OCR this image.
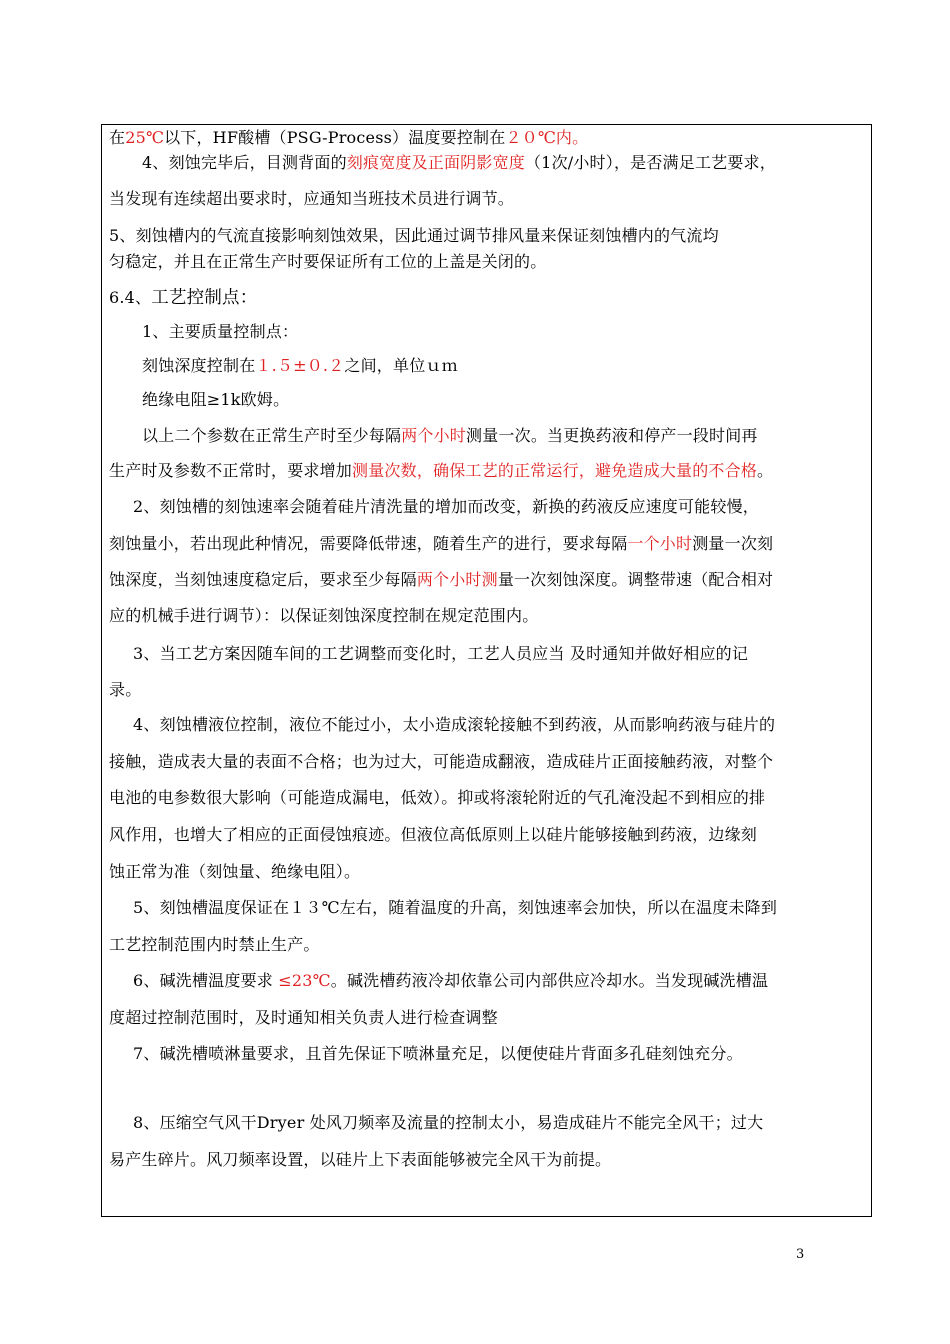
在25℃以下，HF酸槽（PSG-Process）温度要控制在２０℃内。
4、刻蚀完毕后，目测背面的刻痕宽度及正面阴影宽度（1次/小时），是否满足工艺要求，
当发现有连续超出要求时，应通知当班技术员进行调节。
5、刻蚀槽内的气流直接影响刻蚀效果，因此通过调节排风量来保证刻蚀槽内的气流均
匀稳定，并且在正常生产时要保证所有工位的上盖是关闭的。
6.4、工艺控制点：
1、主要质量控制点：
刻蚀深度控制在１.５±０.２之间，单位ｕｍ
绝缘电阻≥1k欧姆。
以上二个参数在正常生产时至少每隔两个小时测量一次。当更换药液和停产一段时间再
生产时及参数不正常时，要求增加测量次数，确保工艺的正常运行，避免造成大量的不合格。
2、刻蚀槽的刻蚀速率会随着硅片清洗量的增加而改变，新换的药液反应速度可能较慢，
刻蚀量小，若出现此种情况，需要降低带速，随着生产的进行，要求每隔一个小时测量一次刻
蚀深度，当刻蚀速度稳定后，要求至少每隔两个小时测量一次刻蚀深度。调整带速（配合相对
应的机械手进行调节）：以保证刻蚀深度控制在规定范围内。
3、当工艺方案因随车间的工艺调整而变化时，工艺人员应当 及时通知并做好相应的记
录。
4、刻蚀槽液位控制，液位不能过小，太小造成滚轮接触不到药液，从而影响药液与硅片的
接触，造成表大量的表面不合格；也为过大，可能造成翻液，造成硅片正面接触药液，对整个
电池的电参数很大影响（可能造成漏电，低效）。抑或将滚轮附近的气孔淹没起不到相应的排
风作用，也增大了相应的正面侵蚀痕迹。但液位高低原则上以硅片能够接触到药液，边缘刻
蚀正常为准（刻蚀量、绝缘电阻）。
5、刻蚀槽温度保证在１３℃左右，随着温度的升高，刻蚀速率会加快，所以在温度未降到
工艺控制范围内时禁止生产。
6、碱洗槽温度要求 ≤23℃。碱洗槽药液冷却依靠公司内部供应冷却水。当发现碱洗槽温
度超过控制范围时，及时通知相关负责人进行检查调整
7、碱洗槽喷淋量要求，且首先保证下喷淋量充足，以便使硅片背面多孔硅刻蚀充分。
8、压缩空气风干Dryer 处风刀频率及流量的控制太小，易造成硅片不能完全风干；过大
易产生碎片。风刀频率设置，以硅片上下表面能够被完全风干为前提。
3
